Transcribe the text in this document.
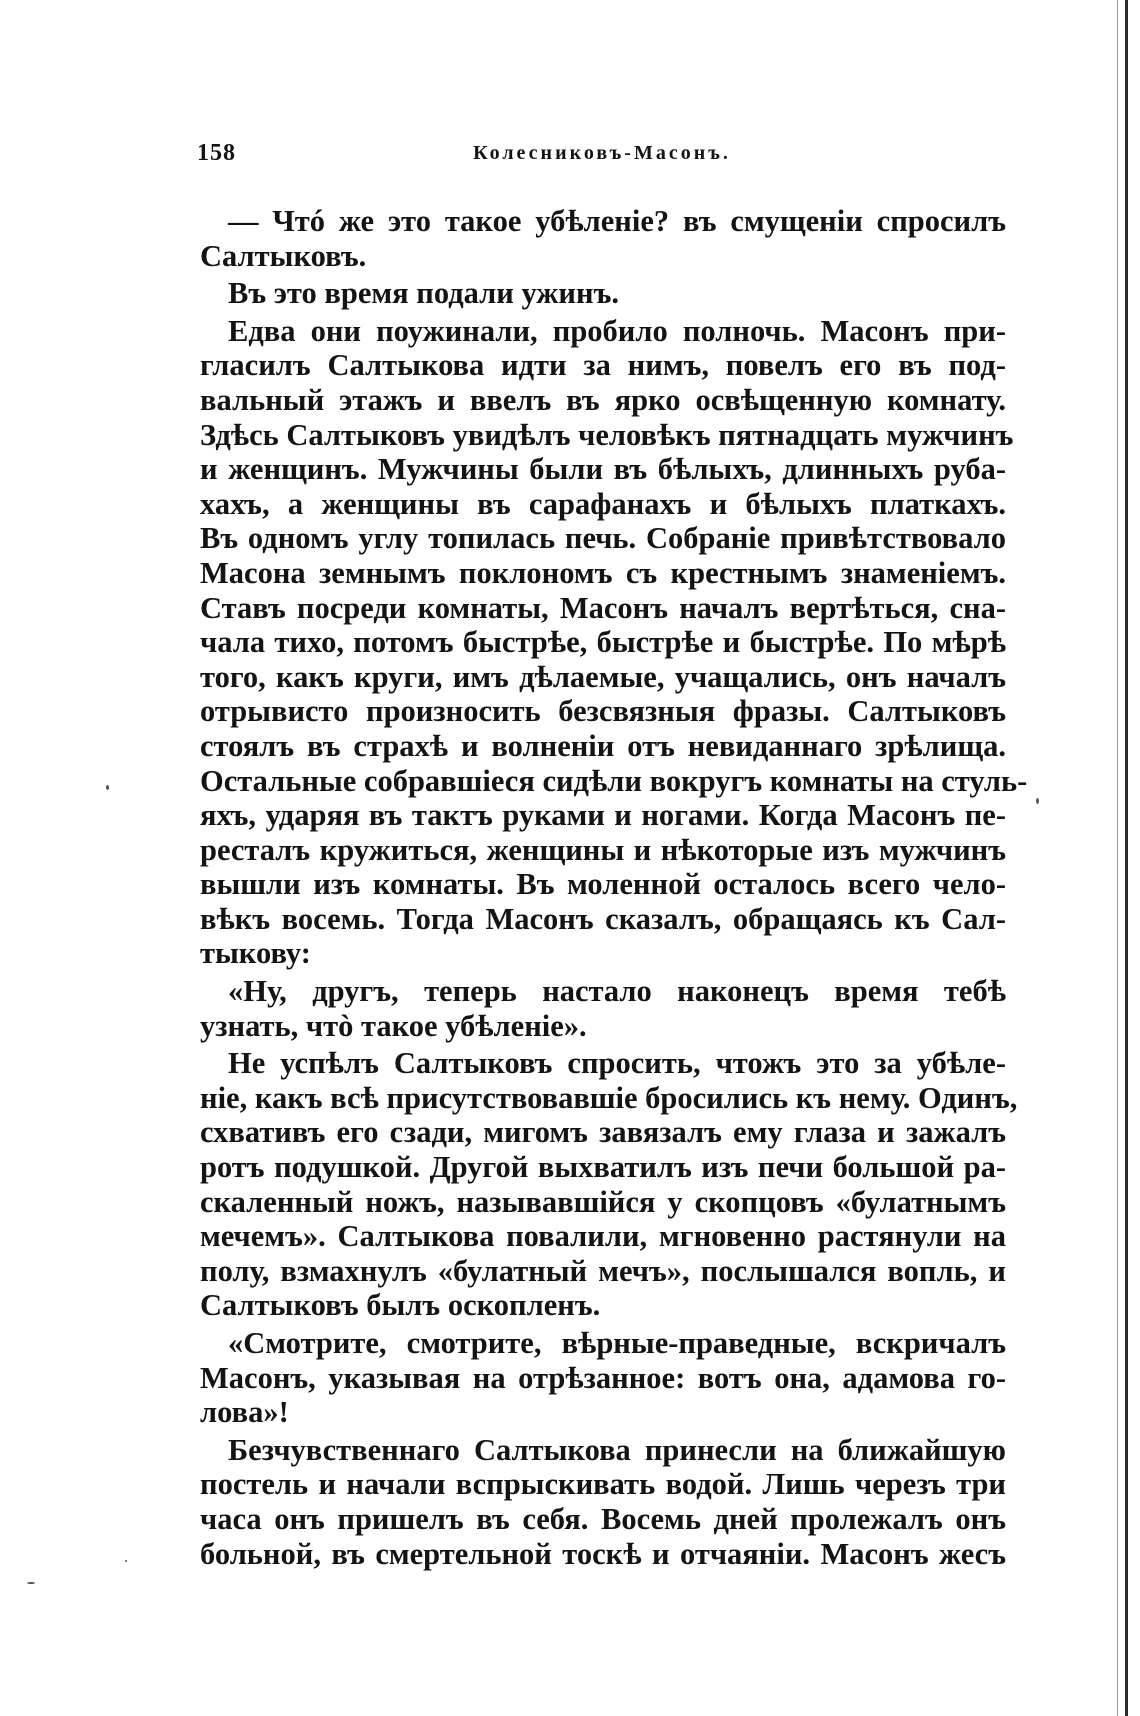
158	Колесниковъ-Масонъ.
— Чтó же это такое убѣленіе? въ смущеніи спросилъ
Салтыковъ.
Въ это время подали ужинъ.
Едва они поужинали, пробило полночь. Масонъ при-
гласилъ Салтыкова идти за нимъ, повелъ его въ под-
вальный этажъ и ввелъ въ ярко освѣщенную комнату.
Здѣсь Салтыковъ увидѣлъ человѣкъ пятнадцать мужчинъ
и женщинъ. Мужчины были въ бѣлыхъ, длинныхъ руба-
хахъ, а женщины въ сарафанахъ и бѣлыхъ платкахъ.
Въ одномъ углу топилась печь. Собраніе привѣтствовало
Масона земнымъ поклономъ съ крестнымъ знаменіемъ.
Ставъ посреди комнаты, Масонъ началъ вертѣться, сна-
чала тихо, потомъ быстрѣе, быстрѣе и быстрѣе. По мѣрѣ
того, какъ круги, имъ дѣлаемые, учащались, онъ началъ
отрывисто произносить безсвязныя фразы. Салтыковъ
стоялъ въ страхѣ и волненіи отъ невиданнаго зрѣлища.
Остальные собравшіеся сидѣли вокругъ комнаты на стуль-
яхъ, ударяя въ тактъ руками и ногами. Когда Масонъ пе-
ресталъ кружиться, женщины и нѣкоторые изъ мужчинъ
вышли изъ комнаты. Въ моленной осталось всего чело-
вѣкъ восемь. Тогда Масонъ сказалъ, обращаясь къ Сал-
тыкову:
«Ну, другъ, теперь настало наконецъ время тебѣ
узнать, чтò такое убѣленіе».
Не успѣлъ Салтыковъ спросить, чтожъ это за убѣле-
ніе, какъ всѣ присутствовавшіе бросились къ нему. Одинъ,
схвативъ его сзади, мигомъ завязалъ ему глаза и зажалъ
ротъ подушкой. Другой выхватилъ изъ печи большой ра-
скаленный ножъ, называвшійся у скопцовъ «булатнымъ
мечемъ». Салтыкова повалили, мгновенно растянули на
полу, взмахнулъ «булатный мечъ», послышался вопль, и
Салтыковъ былъ оскопленъ.
«Смотрите, смотрите, вѣрные-праведные, вскричалъ
Масонъ, указывая на отрѣзанное: вотъ она, адамова го-
лова»!
Безчувственнаго Салтыкова принесли на ближайшую
постель и начали вспрыскивать водой. Лишь черезъ три
часа онъ пришелъ въ себя. Восемь дней пролежалъ онъ
больной, въ смертельной тоскѣ и отчаяніи. Масонъ жесъ
